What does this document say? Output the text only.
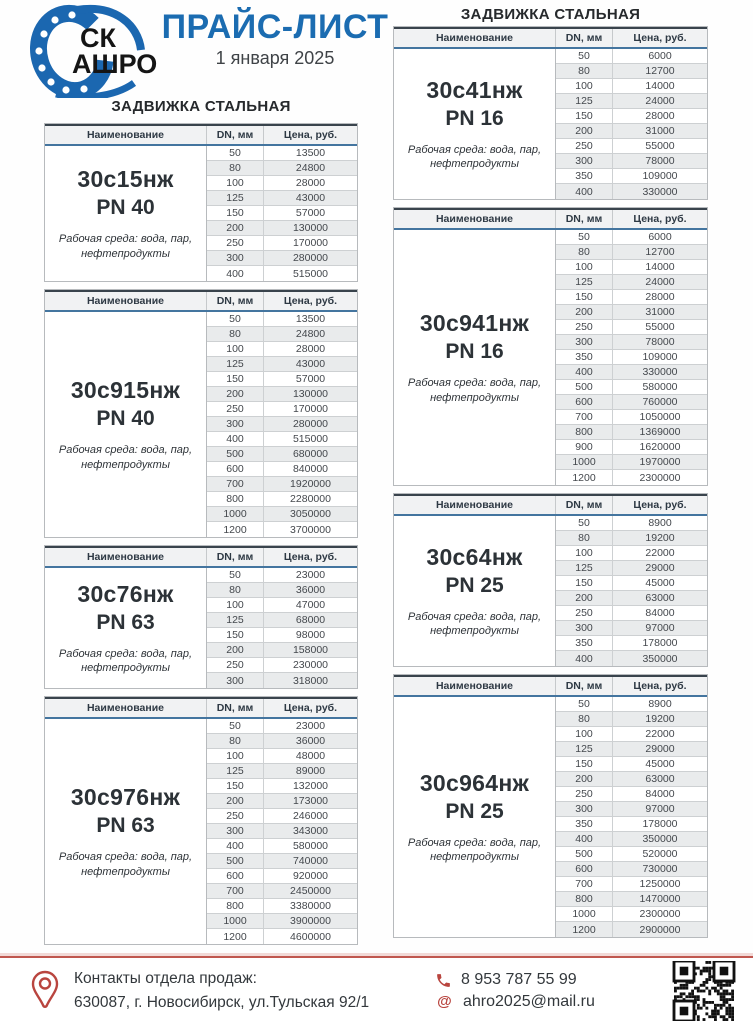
СК
АШРО
ПРАЙС-ЛИСТ
1 января 2025
ЗАДВИЖКА СТАЛЬНАЯ
ЗАДВИЖКА СТАЛЬНАЯ
Наименование	DN, мм	Цена, руб.
30с15нж
PN 40
Рабочая среда: вода, пар, нефтепродукты
50	13500
80	24800
100	28000
125	43000
150	57000
200	130000
250	170000
300	280000
400	515000
Наименование	DN, мм	Цена, руб.
30с915нж
PN 40
Рабочая среда: вода, пар, нефтепродукты
50	13500
80	24800
100	28000
125	43000
150	57000
200	130000
250	170000
300	280000
400	515000
500	680000
600	840000
700	1920000
800	2280000
1000	3050000
1200	3700000
Наименование	DN, мм	Цена, руб.
30с76нж
PN 63
Рабочая среда: вода, пар, нефтепродукты
50	23000
80	36000
100	47000
125	68000
150	98000
200	158000
250	230000
300	318000
Наименование	DN, мм	Цена, руб.
30с976нж
PN 63
Рабочая среда: вода, пар, нефтепродукты
50	23000
80	36000
100	48000
125	89000
150	132000
200	173000
250	246000
300	343000
400	580000
500	740000
600	920000
700	2450000
800	3380000
1000	3900000
1200	4600000
Наименование	DN, мм	Цена, руб.
30с41нж
PN 16
Рабочая среда: вода, пар, нефтепродукты
50	6000
80	12700
100	14000
125	24000
150	28000
200	31000
250	55000
300	78000
350	109000
400	330000
Наименование	DN, мм	Цена, руб.
30с941нж
PN 16
Рабочая среда: вода, пар, нефтепродукты
50	6000
80	12700
100	14000
125	24000
150	28000
200	31000
250	55000
300	78000
350	109000
400	330000
500	580000
600	760000
700	1050000
800	1369000
900	1620000
1000	1970000
1200	2300000
Наименование	DN, мм	Цена, руб.
30с64нж
PN 25
Рабочая среда: вода, пар, нефтепродукты
50	8900
80	19200
100	22000
125	29000
150	45000
200	63000
250	84000
300	97000
350	178000
400	350000
Наименование	DN, мм	Цена, руб.
30с964нж
PN 25
Рабочая среда: вода, пар, нефтепродукты
50	8900
80	19200
100	22000
125	29000
150	45000
200	63000
250	84000
300	97000
350	178000
400	350000
500	520000
600	730000
700	1250000
800	1470000
1000	2300000
1200	2900000
Контакты отдела продаж:
630087, г. Новосибирск, ул.Тульская 92/1
8 953 787 55 99
@ ahro2025@mail.ru
